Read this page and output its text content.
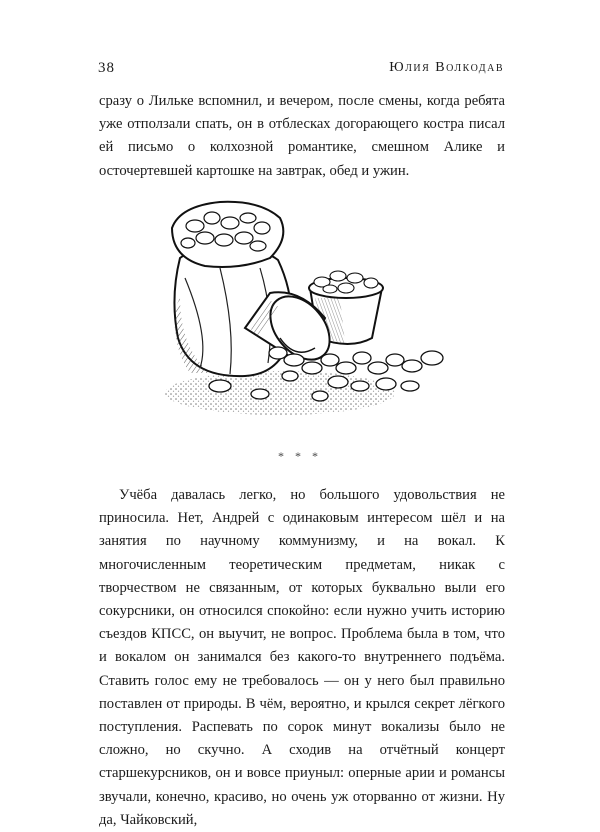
38	Юлия Волкодав

сразу о Лильке вспомнил, и вечером, после смены, когда ребята уже отползали спать, он в отблесках догорающего костра писал ей письмо о колхозной романтике, смешном Алике и осточертевшей картошке на завтрак, обед и ужин.

* * *

Учёба давалась легко, но большого удовольствия не приносила. Нет, Андрей с одинаковым интересом шёл и на занятия по научному коммунизму, и на вокал. К многочисленным теоретическим предметам, никак с творчеством не связанным, от которых буквально выли его сокурсники, он относился спокойно: если нужно учить историю съездов КПСС, он выучит, не вопрос. Проблема была в том, что и вокалом он занимался без какого-то внутреннего подъёма. Ставить голос ему не требовалось — он у него был правильно поставлен от природы. В чём, вероятно, и крылся секрет лёгкого поступления. Распевать по сорок минут вокализы было не сложно, но скучно. А сходив на отчётный концерт старшекурсников, он и вовсе приуныл: оперные арии и романсы звучали, конечно, красиво, но очень уж оторванно от жизни. Ну да, Чайковский,
